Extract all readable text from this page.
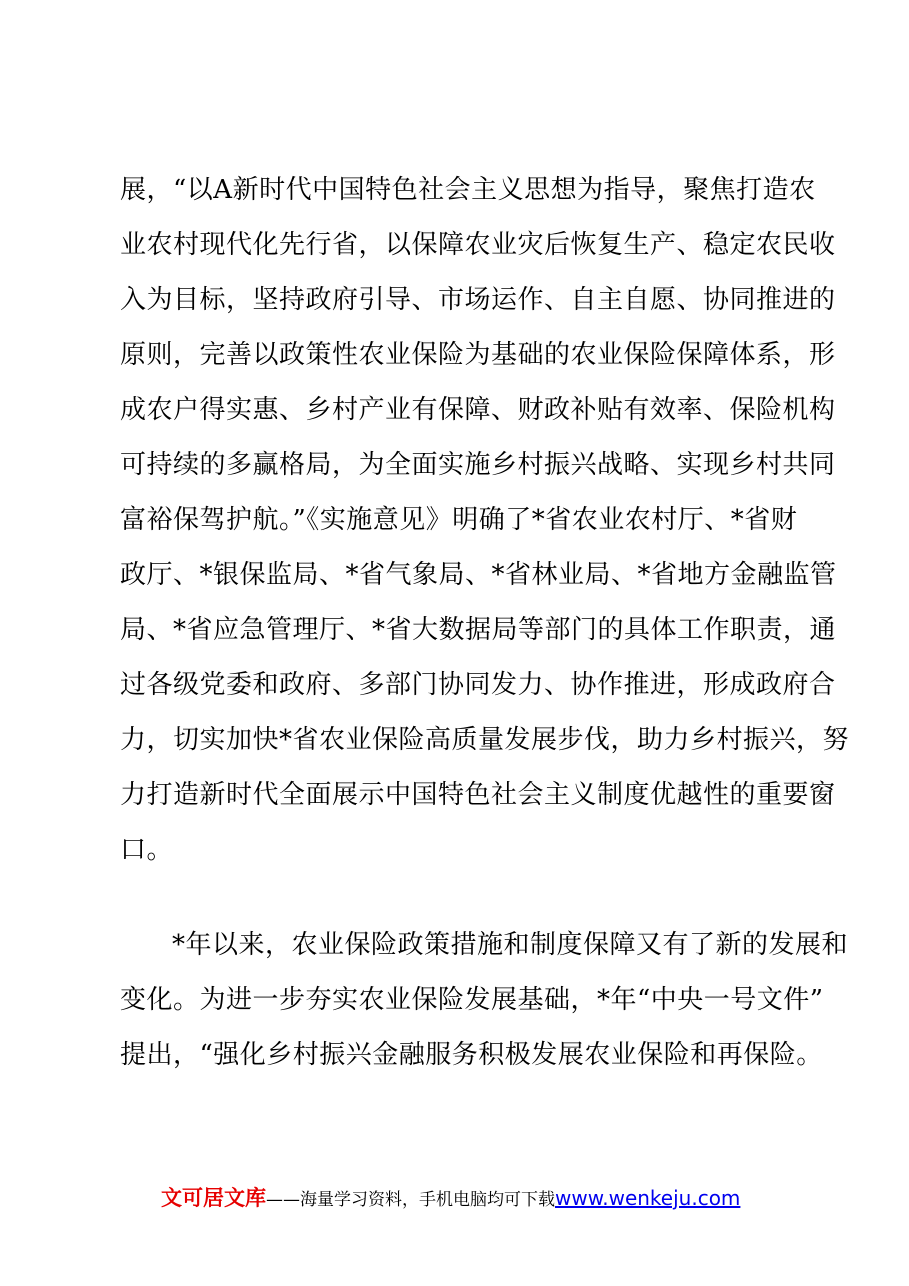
展，“以A新时代中国特色社会主义思想为指导，聚焦打造农
业农村现代化先行省，以保障农业灾后恢复生产、稳定农民收
入为目标，坚持政府引导、市场运作、自主自愿、协同推进的
原则，完善以政策性农业保险为基础的农业保险保障体系，形
成农户得实惠、乡村产业有保障、财政补贴有效率、保险机构
可持续的多赢格局，为全面实施乡村振兴战略、实现乡村共同
富裕保驾护航。”《实施意见》明确了*省农业农村厅、*省财
政厅、*银保监局、*省气象局、*省林业局、*省地方金融监管
局、*省应急管理厅、*省大数据局等部门的具体工作职责，通
过各级党委和政府、多部门协同发力、协作推进，形成政府合
力，切实加快*省农业保险高质量发展步伐，助力乡村振兴，努
力打造新时代全面展示中国特色社会主义制度优越性的重要窗
口。
*年以来，农业保险政策措施和制度保障又有了新的发展和
变化。为进一步夯实农业保险发展基础，*年“中央一号文件”
提出，“强化乡村振兴金融服务积极发展农业保险和再保险。
文可居文库——海量学习资料，手机电脑均可下载www.wenkeju.com
